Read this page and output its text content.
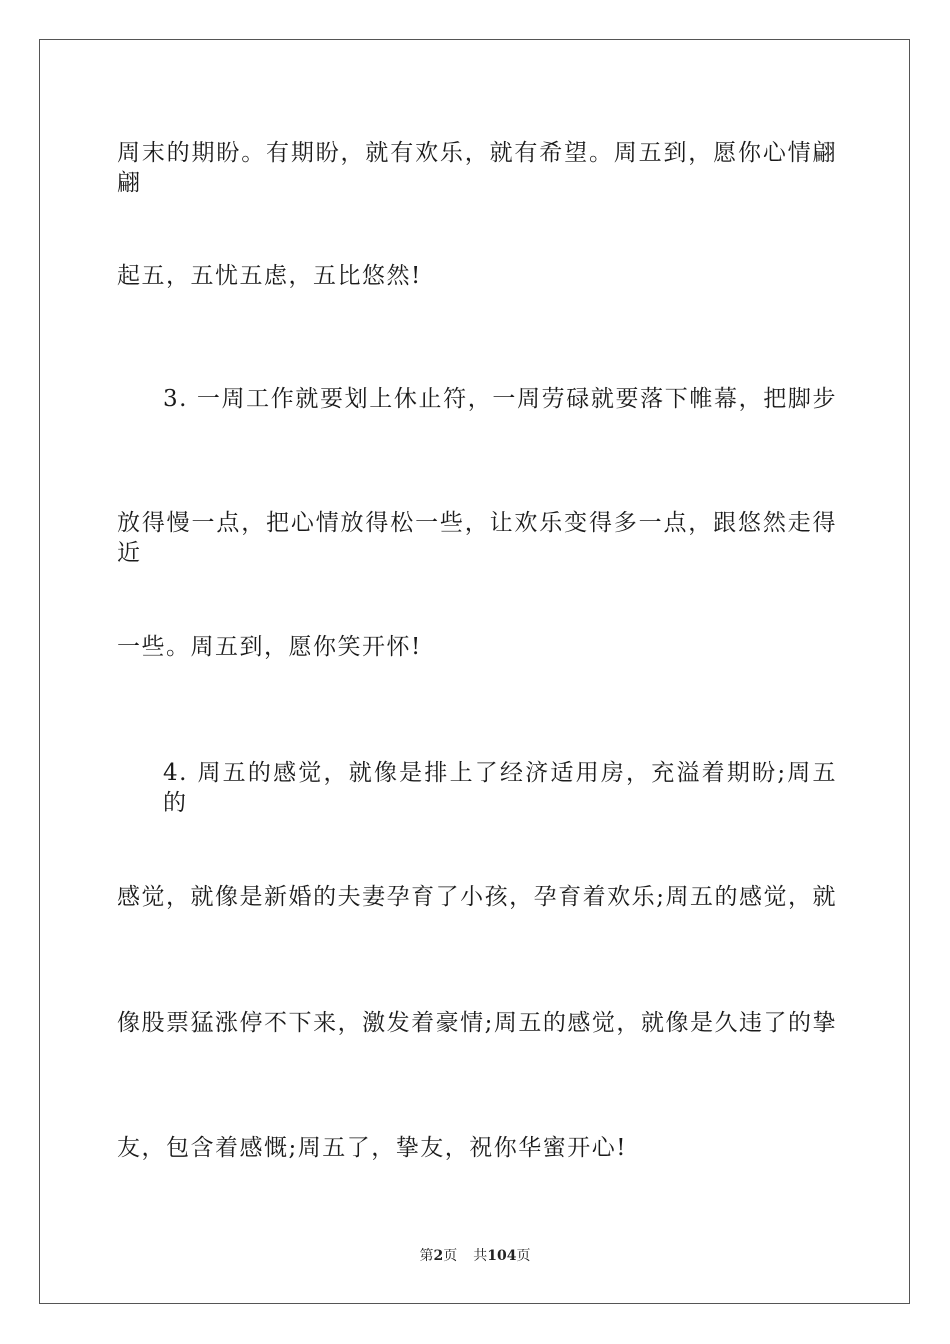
周末的期盼。有期盼，就有欢乐，就有希望。周五到，愿你心情翩翩
起五，五忧五虑，五比悠然!
3. 一周工作就要划上休止符，一周劳碌就要落下帷幕，把脚步
放得慢一点，把心情放得松一些，让欢乐变得多一点，跟悠然走得近
一些。周五到，愿你笑开怀!
4. 周五的感觉，就像是排上了经济适用房，充溢着期盼;周五的
感觉，就像是新婚的夫妻孕育了小孩，孕育着欢乐;周五的感觉，就
像股票猛涨停不下来，激发着豪情;周五的感觉，就像是久违了的挚
友，包含着感慨;周五了，挚友，祝你华蜜开心!
第2页 共104页
